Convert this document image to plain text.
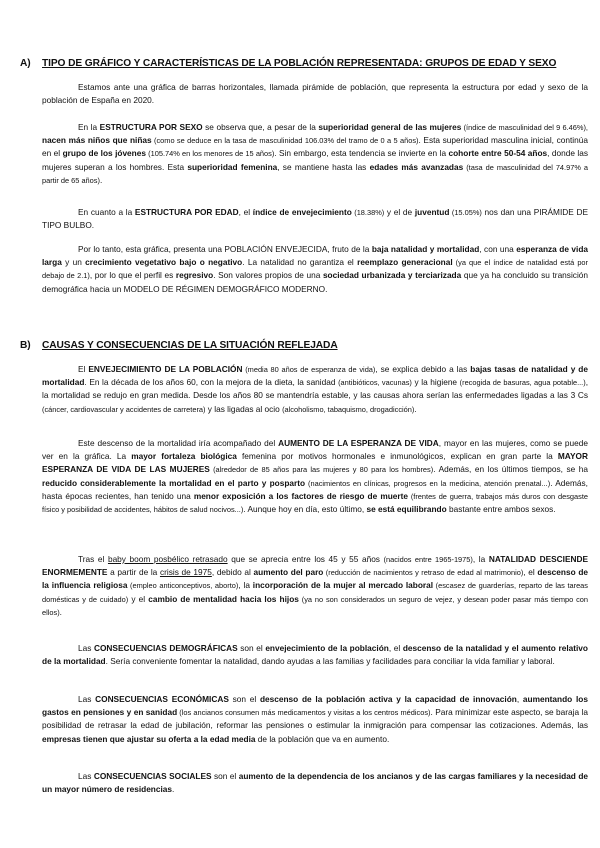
A) TIPO DE GRÁFICO Y CARACTERÍSTICAS DE LA POBLACIÓN REPRESENTADA: GRUPOS DE EDAD Y SEXO

Estamos ante una gráfica de barras horizontales, llamada pirámide de población, que representa la estructura por edad y sexo de la población de España en 2020.

En la ESTRUCTURA POR SEXO se observa que, a pesar de la superioridad general de las mujeres (índice de masculinidad del 9 6.46%), nacen más niños que niñas (como se deduce en la tasa de masculinidad 106.03% del tramo de 0 a 5 años). Esta superioridad masculina inicial, continúa en el grupo de los jóvenes (105.74% en los menores de 15 años). Sin embargo, esta tendencia se invierte en la cohorte entre 50-54 años, donde las mujeres superan a los hombres. Esta superioridad femenina, se mantiene hasta las edades más avanzadas (tasa de masculinidad del 74.97% a partir de 65 años).

En cuanto a la ESTRUCTURA POR EDAD, el índice de envejecimiento (18.38%) y el de juventud (15.05%) nos dan una PIRÁMIDE DE TIPO BULBO.

Por lo tanto, esta gráfica, presenta una POBLACIÓN ENVEJECIDA, fruto de la baja natalidad y mortalidad, con una esperanza de vida larga y un crecimiento vegetativo bajo o negativo. La natalidad no garantiza el reemplazo generacional (ya que el índice de natalidad está por debajo de 2.1), por lo que el perfil es regresivo. Son valores propios de una sociedad urbanizada y terciarizada que ya ha concluido su transición demográfica hacia un MODELO DE RÉGIMEN DEMOGRÁFICO MODERNO.

B) CAUSAS Y CONSECUENCIAS DE LA SITUACIÓN REFLEJADA

El ENVEJECIMIENTO DE LA POBLACIÓN (media 80 años de esperanza de vida), se explica debido a las bajas tasas de natalidad y de mortalidad. En la década de los años 60, con la mejora de la dieta, la sanidad (antibióticos, vacunas) y la higiene (recogida de basuras, agua potable...), la mortalidad se redujo en gran medida. Desde los años 80 se mantendría estable, y las causas ahora serían las enfermedades ligadas a las 3 Cs (cáncer, cardiovascular y accidentes de carretera) y las ligadas al ocio (alcoholismo, tabaquismo, drogadicción).

Este descenso de la mortalidad iría acompañado del AUMENTO DE LA ESPERANZA DE VIDA, mayor en las mujeres, como se puede ver en la gráfica. La mayor fortaleza biológica femenina por motivos hormonales e inmunológicos, explican en gran parte la MAYOR ESPERANZA DE VIDA DE LAS MUJERES (alrededor de 85 años para las mujeres y 80 para los hombres). Además, en los últimos tiempos, se ha reducido considerablemente la mortalidad en el parto y posparto (nacimientos en clínicas, progresos en la medicina, atención prenatal...). Además, hasta épocas recientes, han tenido una menor exposición a los factores de riesgo de muerte (frentes de guerra, trabajos más duros con desgaste físico y posibilidad de accidentes, hábitos de salud nocivos...). Aunque hoy en día, esto último, se está equilibrando bastante entre ambos sexos.

Tras el baby boom posbélico retrasado que se aprecia entre los 45 y 55 años (nacidos entre 1965-1975), la NATALIDAD DESCIENDE ENORMEMENTE a partir de la crisis de 1975, debido al aumento del paro (reducción de nacimientos y retraso de edad al matrimonio), el descenso de la influencia religiosa (empleo anticonceptivos, aborto), la incorporación de la mujer al mercado laboral (escasez de guarderías, reparto de las tareas domésticas y de cuidado) y el cambio de mentalidad hacia los hijos (ya no son considerados un seguro de vejez, y desean poder pasar más tiempo con ellos).

Las CONSECUENCIAS DEMOGRÁFICAS son el envejecimiento de la población, el descenso de la natalidad y el aumento relativo de la mortalidad. Sería conveniente fomentar la natalidad, dando ayudas a las familias y facilidades para conciliar la vida familiar y laboral.

Las CONSECUENCIAS ECONÓMICAS son el descenso de la población activa y la capacidad de innovación, aumentando los gastos en pensiones y en sanidad (los ancianos consumen más medicamentos y visitas a los centros médicos). Para minimizar este aspecto, se baraja la posibilidad de retrasar la edad de jubilación, reformar las pensiones o estimular la inmigración para compensar las cotizaciones. Además, las empresas tienen que ajustar su oferta a la edad media de la población que va en aumento.

Las CONSECUENCIAS SOCIALES son el aumento de la dependencia de los ancianos y de las cargas familiares y la necesidad de un mayor número de residencias.
